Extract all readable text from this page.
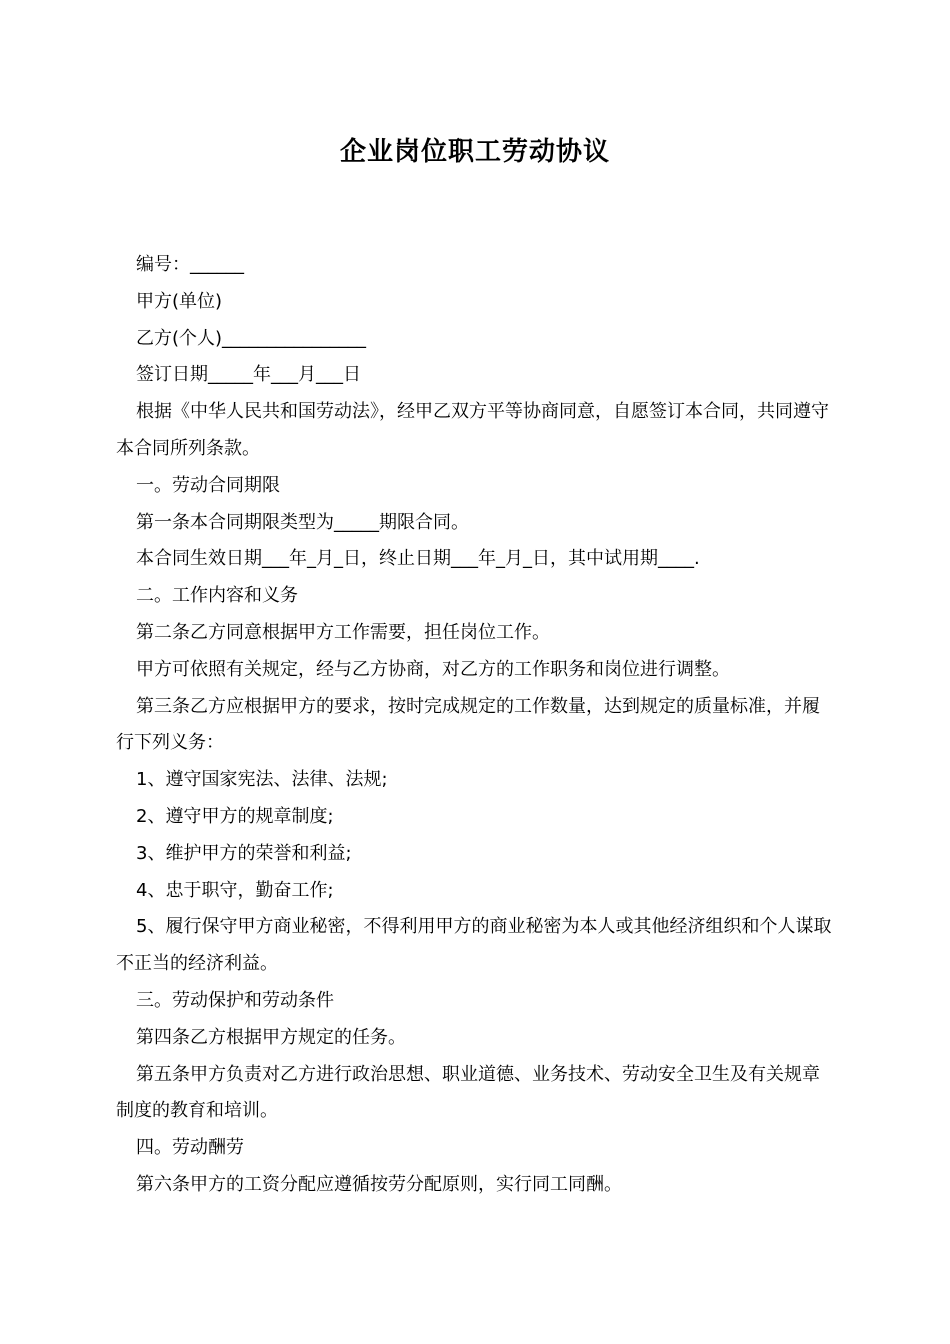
企业岗位职工劳动协议

编号：______

甲方(单位)

乙方(个人)________________

签订日期_____年___月___日

根据《中华人民共和国劳动法》，经甲乙双方平等协商同意，自愿签订本合同，共同遵守本合同所列条款。

一。劳动合同期限

第一条本合同期限类型为_____期限合同。

本合同生效日期___年_月_日，终止日期___年_月_日，其中试用期____.

二。工作内容和义务

第二条乙方同意根据甲方工作需要，担任岗位工作。

甲方可依照有关规定，经与乙方协商，对乙方的工作职务和岗位进行调整。

第三条乙方应根据甲方的要求，按时完成规定的工作数量，达到规定的质量标准，并履行下列义务：

1、遵守国家宪法、法律、法规;

2、遵守甲方的规章制度;

3、维护甲方的荣誉和利益;

4、忠于职守，勤奋工作;

5、履行保守甲方商业秘密，不得利用甲方的商业秘密为本人或其他经济组织和个人谋取不正当的经济利益。

三。劳动保护和劳动条件

第四条乙方根据甲方规定的任务。

第五条甲方负责对乙方进行政治思想、职业道德、业务技术、劳动安全卫生及有关规章制度的教育和培训。

四。劳动酬劳

第六条甲方的工资分配应遵循按劳分配原则，实行同工同酬。
